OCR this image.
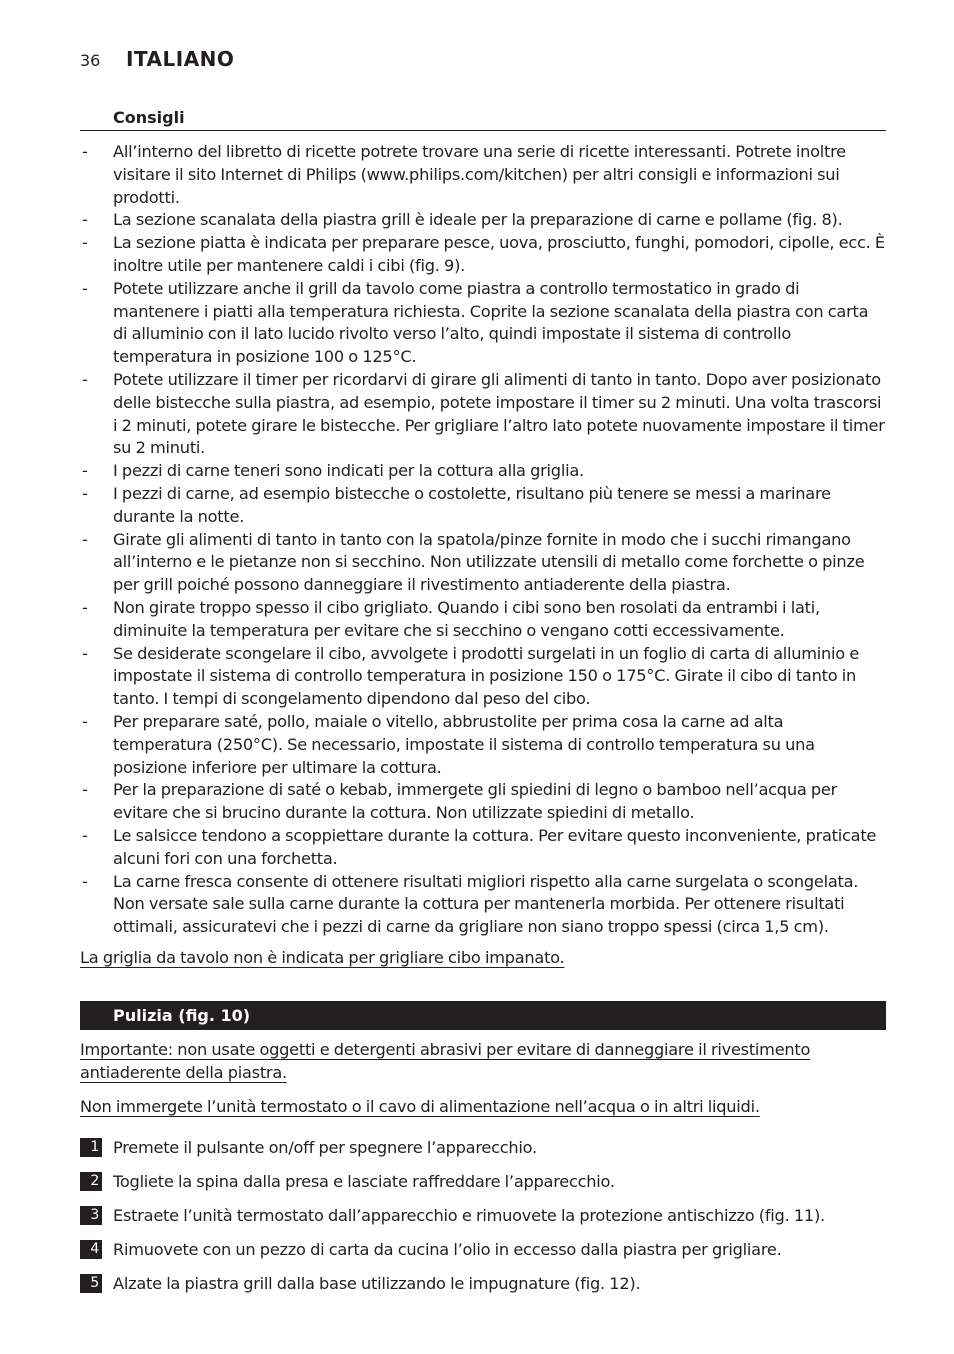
36	ITALIANO
Consigli
- All’interno del libretto di ricette potrete trovare una serie di ricette interessanti. Potrete inoltre visitare il sito Internet di Philips (www.philips.com/kitchen) per altri consigli e informazioni sui prodotti.
- La sezione scanalata della piastra grill è ideale per la preparazione di carne e pollame (fig. 8).
- La sezione piatta è indicata per preparare pesce, uova, prosciutto, funghi, pomodori, cipolle, ecc. È inoltre utile per mantenere caldi i cibi (fig. 9).
- Potete utilizzare anche il grill da tavolo come piastra a controllo termostatico in grado di mantenere i piatti alla temperatura richiesta. Coprite la sezione scanalata della piastra con carta di alluminio con il lato lucido rivolto verso l’alto, quindi impostate il sistema di controllo temperatura in posizione 100 o 125°C.
- Potete utilizzare il timer per ricordarvi di girare gli alimenti di tanto in tanto. Dopo aver posizionato delle bistecche sulla piastra, ad esempio, potete impostare il timer su 2 minuti. Una volta trascorsi i 2 minuti, potete girare le bistecche. Per grigliare l’altro lato potete nuovamente impostare il timer su 2 minuti.
- I pezzi di carne teneri sono indicati per la cottura alla griglia.
- I pezzi di carne, ad esempio bistecche o costolette, risultano più tenere se messi a marinare durante la notte.
- Girate gli alimenti di tanto in tanto con la spatola/pinze fornite in modo che i succhi rimangano all’interno e le pietanze non si secchino. Non utilizzate utensili di metallo come forchette o pinze per grill poiché possono danneggiare il rivestimento antiaderente della piastra.
- Non girate troppo spesso il cibo grigliato. Quando i cibi sono ben rosolati da entrambi i lati, diminuite la temperatura per evitare che si secchino o vengano cotti eccessivamente.
- Se desiderate scongelare il cibo, avvolgete i prodotti surgelati in un foglio di carta di alluminio e impostate il sistema di controllo temperatura in posizione 150 o 175°C. Girate il cibo di tanto in tanto. I tempi di scongelamento dipendono dal peso del cibo.
- Per preparare saté, pollo, maiale o vitello, abbrustolite per prima cosa la carne ad alta temperatura (250°C). Se necessario, impostate il sistema di controllo temperatura su una posizione inferiore per ultimare la cottura.
- Per la preparazione di saté o kebab, immergete gli spiedini di legno o bamboo nell’acqua per evitare che si brucino durante la cottura. Non utilizzate spiedini di metallo.
- Le salsicce tendono a scoppiettare durante la cottura. Per evitare questo inconveniente, praticate alcuni fori con una forchetta.
- La carne fresca consente di ottenere risultati migliori rispetto alla carne surgelata o scongelata. Non versate sale sulla carne durante la cottura per mantenerla morbida. Per ottenere risultati ottimali, assicuratevi che i pezzi di carne da grigliare non siano troppo spessi (circa 1,5 cm).
La griglia da tavolo non è indicata per grigliare cibo impanato.
Pulizia (fig. 10)
Importante: non usate oggetti e detergenti abrasivi per evitare di danneggiare il rivestimento antiaderente della piastra.
Non immergete l’unità termostato o il cavo di alimentazione nell’acqua o in altri liquidi.
1 Premete il pulsante on/off per spegnere l’apparecchio.
2 Togliete la spina dalla presa e lasciate raffreddare l’apparecchio.
3 Estraete l’unità termostato dall’apparecchio e rimuovete la protezione antischizzo (fig. 11).
4 Rimuovete con un pezzo di carta da cucina l’olio in eccesso dalla piastra per grigliare.
5 Alzate la piastra grill dalla base utilizzando le impugnature (fig. 12).
